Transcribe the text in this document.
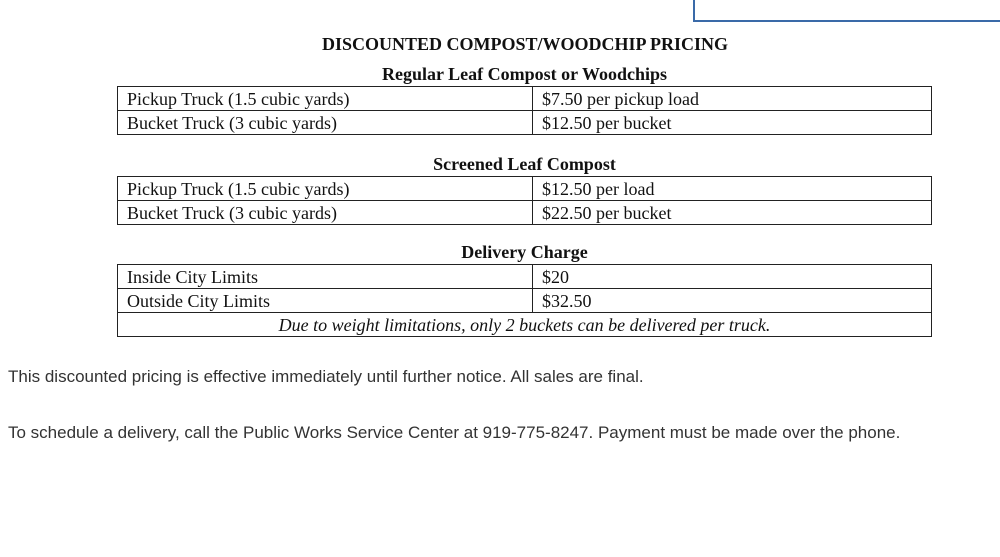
DISCOUNTED COMPOST/WOODCHIP PRICING
Regular Leaf Compost or Woodchips
Pickup Truck (1.5 cubic yards)	$7.50 per pickup load
Bucket Truck (3 cubic yards)	$12.50 per bucket
Screened Leaf Compost
Pickup Truck (1.5 cubic yards)	$12.50 per load
Bucket Truck (3 cubic yards)	$22.50 per bucket
Delivery Charge
Inside City Limits	$20
Outside City Limits	$32.50
Due to weight limitations, only 2 buckets can be delivered per truck.	

This discounted pricing is effective immediately until further notice. All sales are final.

To schedule a delivery, call the Public Works Service Center at 919-775-8247. Payment must be made over the phone.
